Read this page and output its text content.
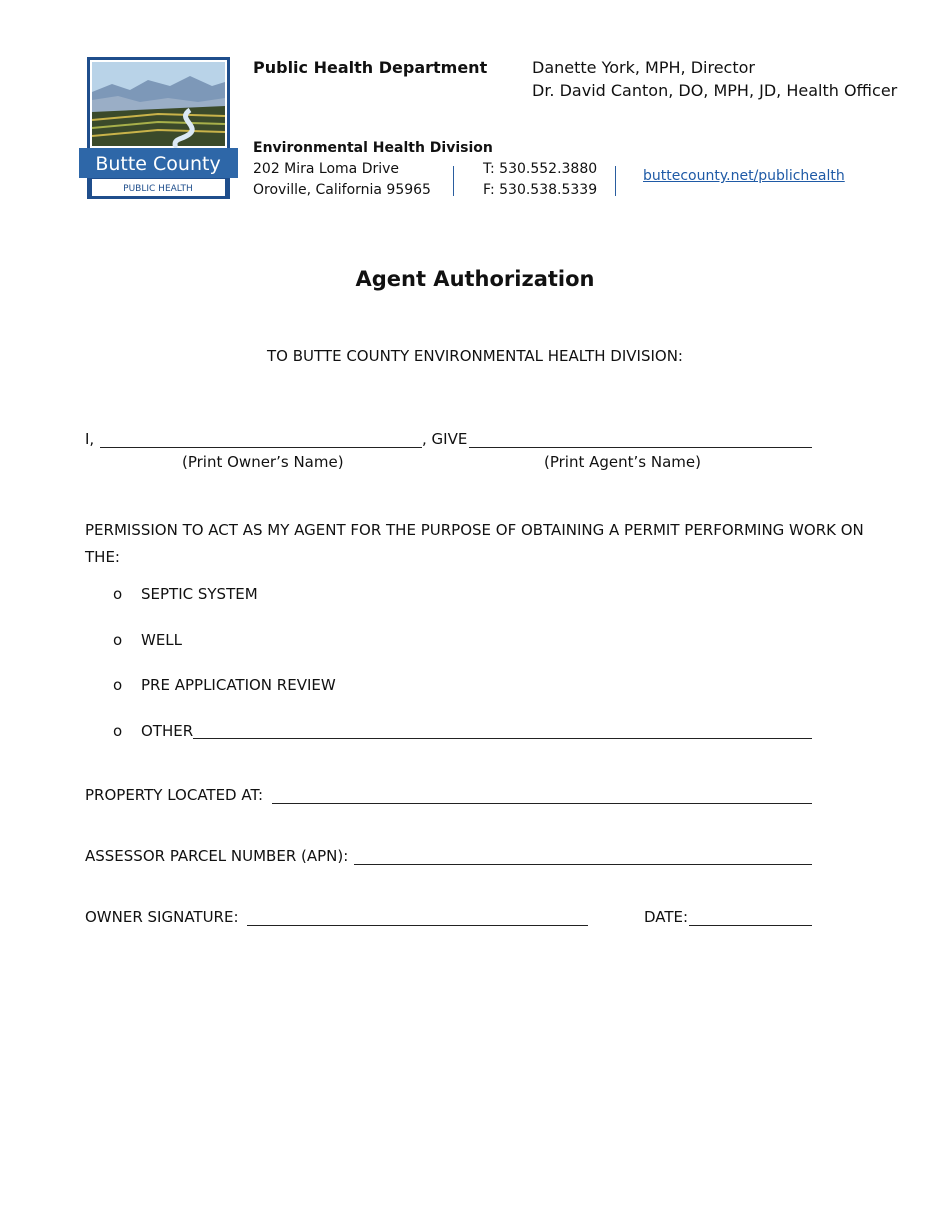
Butte County
PUBLIC HEALTH
Public Health Department	Danette York, MPH, Director
Dr. David Canton, DO, MPH, JD, Health Officer
Environmental Health Division
202 Mira Loma Drive
Oroville, California 95965
T: 530.552.3880
F: 530.538.5339
buttecounty.net/publichealth
Agent Authorization
TO BUTTE COUNTY ENVIRONMENTAL HEALTH DIVISION:
I,	, GIVE
(Print Owner’s Name)	(Print Agent’s Name)
PERMISSION TO ACT AS MY AGENT FOR THE PURPOSE OF OBTAINING A PERMIT PERFORMING WORK ON THE:
o SEPTIC SYSTEM
o WELL
o PRE APPLICATION REVIEW
o OTHER
PROPERTY LOCATED AT:
ASSESSOR PARCEL NUMBER (APN):
OWNER SIGNATURE:	DATE:
